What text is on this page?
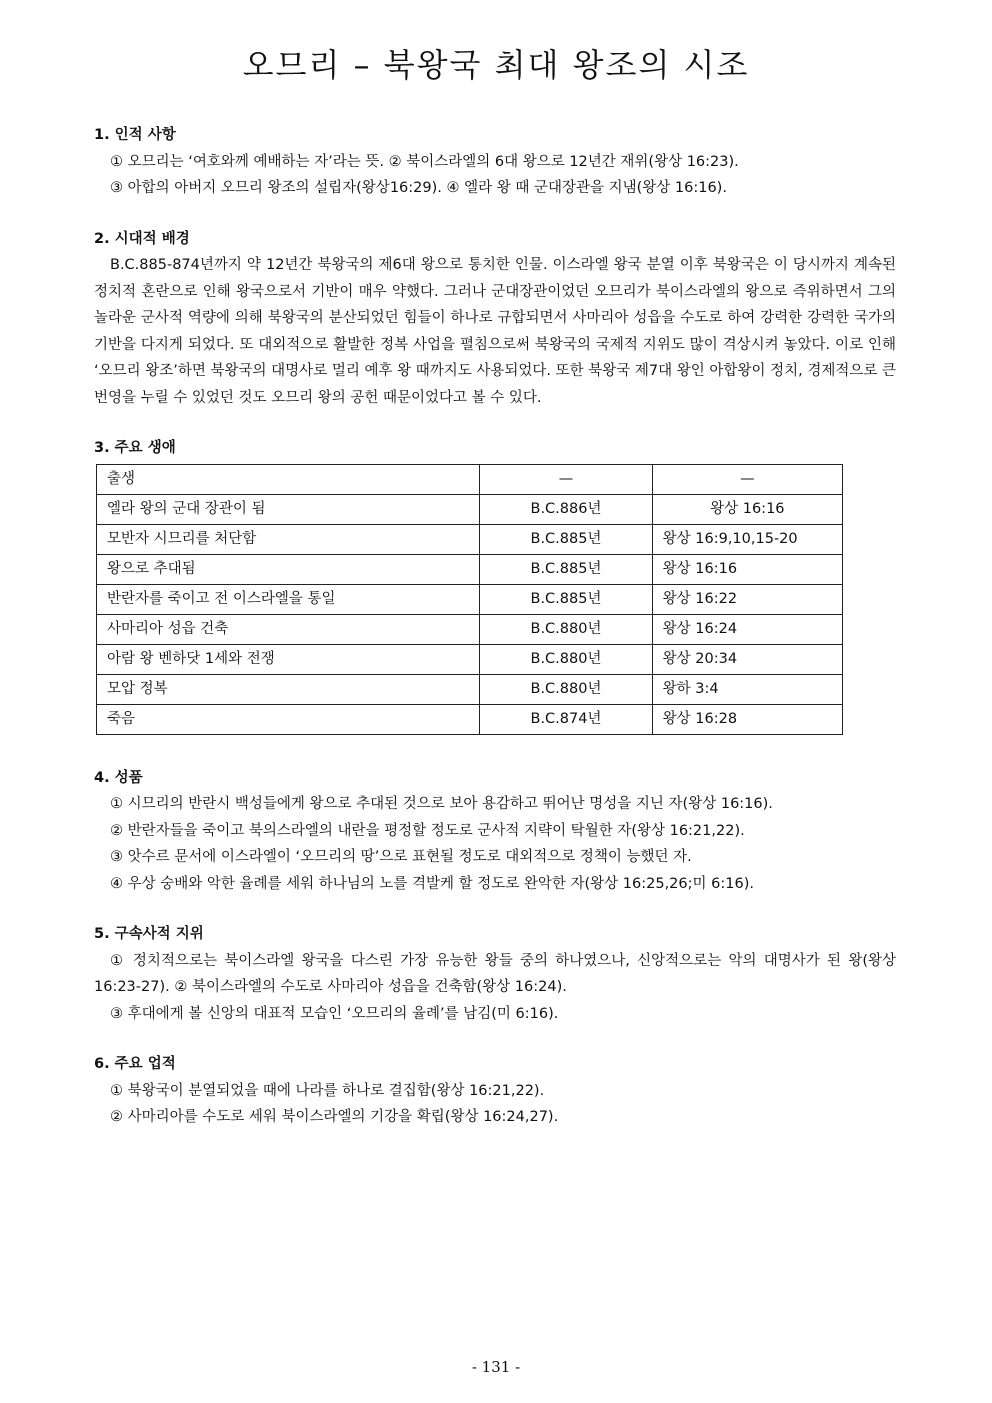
오므리 – 북왕국 최대 왕조의 시조

1. 인적 사항

① 오므리는 ‘여호와께 예배하는 자’라는 뜻. ② 북이스라엘의 6대 왕으로 12년간 재위(왕상 16:23).

③ 아합의 아버지 오므리 왕조의 설립자(왕상16:29). ④ 엘라 왕 때 군대장관을 지냄(왕상 16:16).

2. 시대적 배경

B.C.885-874년까지 약 12년간 북왕국의 제6대 왕으로 통치한 인물. 이스라엘 왕국 분열 이후 북왕국은 이 당시까지 계속된 정치적 혼란으로 인해 왕국으로서 기반이 매우 약했다. 그러나 군대장관이었던 오므리가 북이스라엘의 왕으로 즉위하면서 그의 놀라운 군사적 역량에 의해 북왕국의 분산되었던 힘들이 하나로 규합되면서 사마리아 성읍을 수도로 하여 강력한 강력한 국가의 기반을 다지게 되었다. 또 대외적으로 활발한 정복 사업을 펼침으로써 북왕국의 국제적 지위도 많이 격상시켜 놓았다. 이로 인해 ‘오므리 왕조’하면 북왕국의 대명사로 멀리 예후 왕 때까지도 사용되었다. 또한 북왕국 제7대 왕인 아합왕이 정치, 경제적으로 큰 번영을 누릴 수 있었던 것도 오므리 왕의 공헌 때문이었다고 볼 수 있다.

3. 주요 생애

출생	—	—
엘라 왕의 군대 장관이 됨	B.C.886년	왕상 16:16
모반자 시므리를 처단함	B.C.885년	왕상 16:9,10,15-20
왕으로 추대됨	B.C.885년	왕상 16:16
반란자를 죽이고 전 이스라엘을 통일	B.C.885년	왕상 16:22
사마리아 성읍 건축	B.C.880년	왕상 16:24
아람 왕 벤하닷 1세와 전쟁	B.C.880년	왕상 20:34
모압 정복	B.C.880년	왕하 3:4
죽음	B.C.874년	왕상 16:28

4. 성품

① 시므리의 반란시 백성들에게 왕으로 추대된 것으로 보아 용감하고 뛰어난 명성을 지닌 자(왕상 16:16).

② 반란자들을 죽이고 북의스라엘의 내란을 평정할 정도로 군사적 지략이 탁월한 자(왕상 16:21,22).

③ 앗수르 문서에 이스라엘이 ‘오므리의 땅’으로 표현될 정도로 대외적으로 정책이 능했던 자.

④ 우상 숭배와 악한 율례를 세워 하나님의 노를 격발케 할 정도로 완악한 자(왕상 16:25,26;미 6:16).

5. 구속사적 지위

① 정치적으로는 북이스라엘 왕국을 다스린 가장 유능한 왕들 중의 하나였으나, 신앙적으로는 악의 대명사가 된 왕(왕상 16:23-27). ② 북이스라엘의 수도로 사마리아 성읍을 건축함(왕상 16:24).

③ 후대에게 볼 신앙의 대표적 모습인 ‘오므리의 율례’를 남김(미 6:16).

6. 주요 업적

① 북왕국이 분열되었을 때에 나라를 하나로 결집함(왕상 16:21,22).

② 사마리아를 수도로 세워 북이스라엘의 기강을 확립(왕상 16:24,27).

- 131 -
